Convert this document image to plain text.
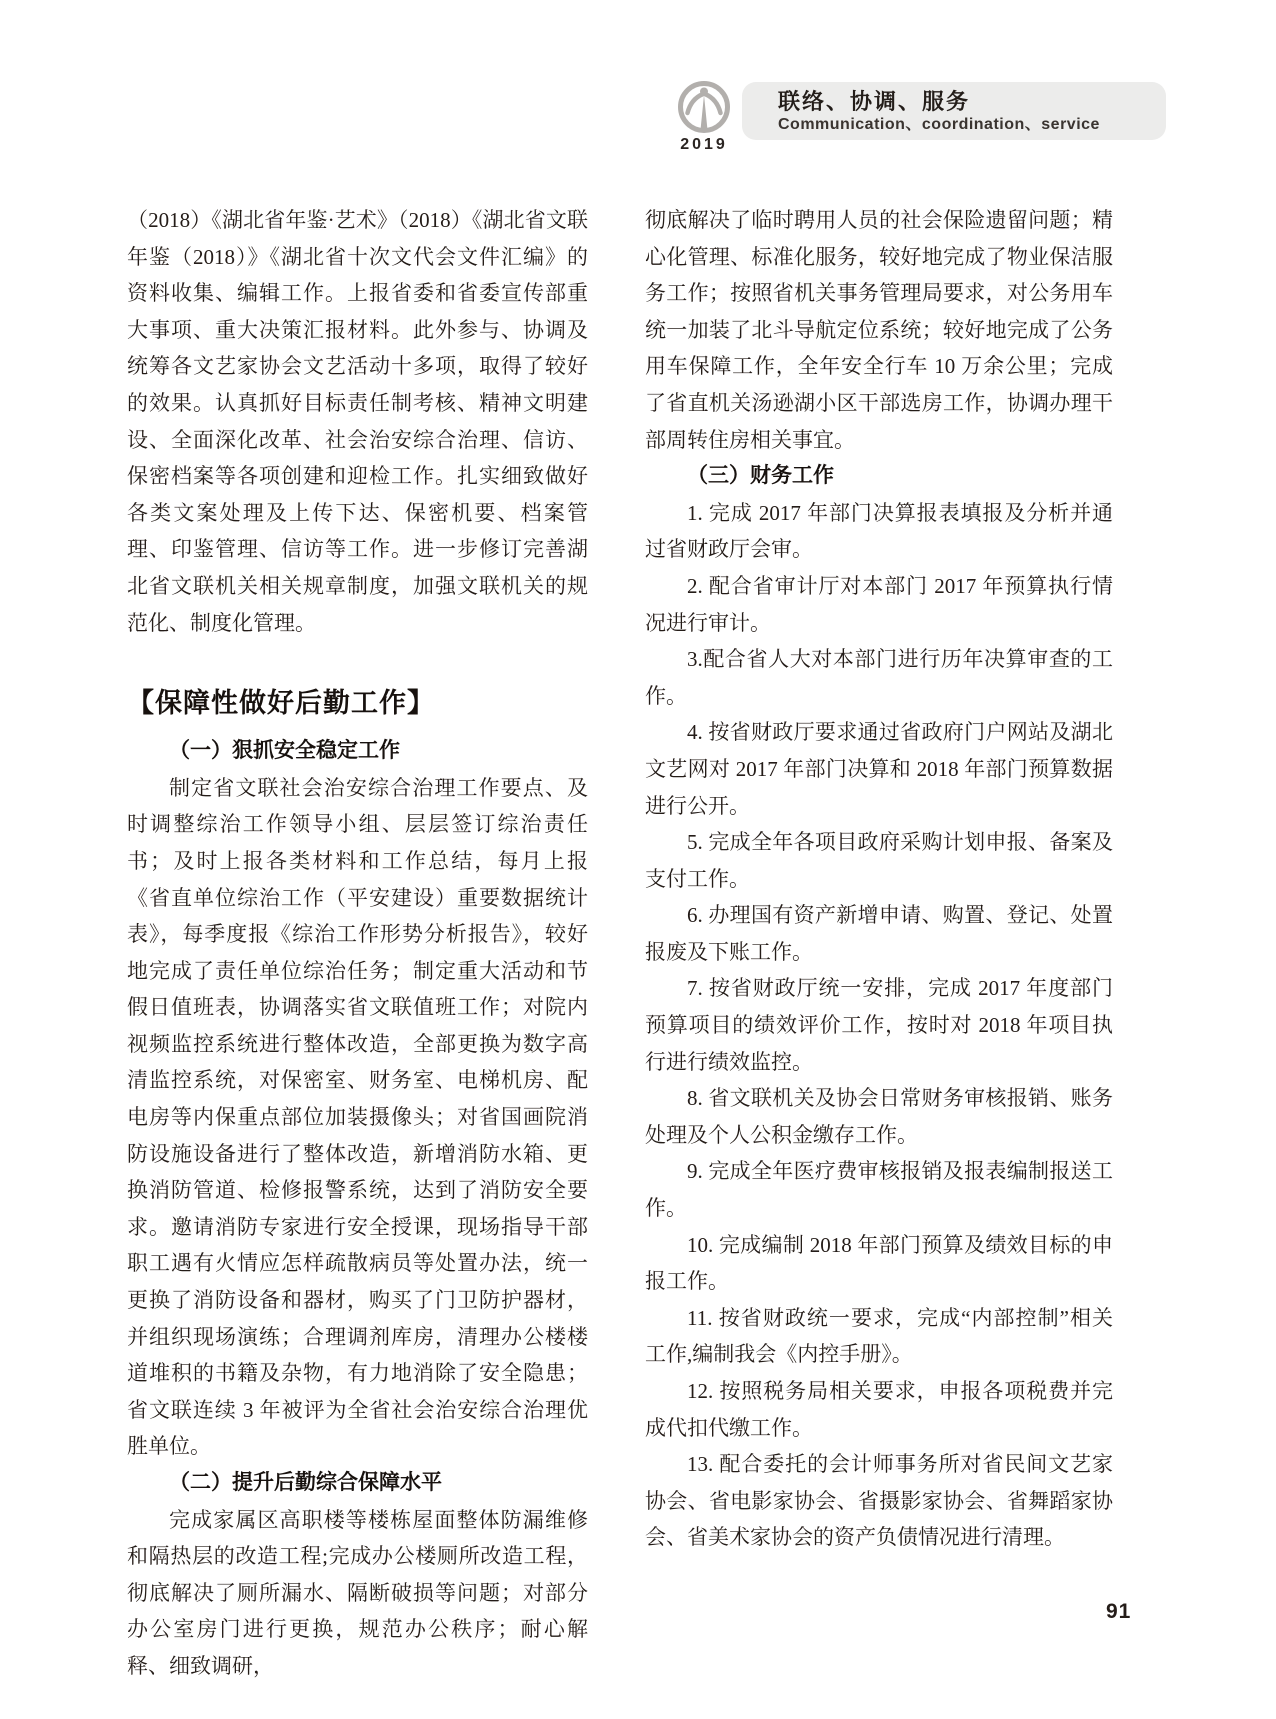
2019
联络、协调、服务
Communication、coordination、service

（2018）《湖北省年鉴·艺术》（2018）《湖北省文联年鉴（2018）》《湖北省十次文代会文件汇编》的资料收集、编辑工作。上报省委和省委宣传部重大事项、重大决策汇报材料。此外参与、协调及统筹各文艺家协会文艺活动十多项，取得了较好的效果。认真抓好目标责任制考核、精神文明建设、全面深化改革、社会治安综合治理、信访、保密档案等各项创建和迎检工作。扎实细致做好各类文案处理及上传下达、保密机要、档案管理、印鉴管理、信访等工作。进一步修订完善湖北省文联机关相关规章制度，加强文联机关的规范化、制度化管理。

【保障性做好后勤工作】
（一）狠抓安全稳定工作

制定省文联社会治安综合治理工作要点、及时调整综治工作领导小组、层层签订综治责任书；及时上报各类材料和工作总结，每月上报《省直单位综治工作（平安建设）重要数据统计表》，每季度报《综治工作形势分析报告》，较好地完成了责任单位综治任务；制定重大活动和节假日值班表，协调落实省文联值班工作；对院内视频监控系统进行整体改造，全部更换为数字高清监控系统，对保密室、财务室、电梯机房、配电房等内保重点部位加装摄像头；对省国画院消防设施设备进行了整体改造，新增消防水箱、更换消防管道、检修报警系统，达到了消防安全要求。邀请消防专家进行安全授课，现场指导干部职工遇有火情应怎样疏散病员等处置办法，统一更换了消防设备和器材，购买了门卫防护器材，并组织现场演练；合理调剂库房，清理办公楼楼道堆积的书籍及杂物，有力地消除了安全隐患；省文联连续 3 年被评为全省社会治安综合治理优胜单位。

（二）提升后勤综合保障水平

完成家属区高职楼等楼栋屋面整体防漏维修和隔热层的改造工程;完成办公楼厕所改造工程，彻底解决了厕所漏水、隔断破损等问题；对部分办公室房门进行更换，规范办公秩序；耐心解释、细致调研，

彻底解决了临时聘用人员的社会保险遗留问题；精心化管理、标准化服务，较好地完成了物业保洁服务工作；按照省机关事务管理局要求，对公务用车统一加装了北斗导航定位系统；较好地完成了公务用车保障工作，全年安全行车 10 万余公里；完成了省直机关汤逊湖小区干部选房工作，协调办理干部周转住房相关事宜。

（三）财务工作

1. 完成 2017 年部门决算报表填报及分析并通过省财政厅会审。

2. 配合省审计厅对本部门 2017 年预算执行情况进行审计。

3.配合省人大对本部门进行历年决算审查的工作。

4. 按省财政厅要求通过省政府门户网站及湖北文艺网对 2017 年部门决算和 2018 年部门预算数据进行公开。

5. 完成全年各项目政府采购计划申报、备案及支付工作。

6. 办理国有资产新增申请、购置、登记、处置报废及下账工作。

7. 按省财政厅统一安排，完成 2017 年度部门预算项目的绩效评价工作，按时对 2018 年项目执行进行绩效监控。

8. 省文联机关及协会日常财务审核报销、账务处理及个人公积金缴存工作。

9. 完成全年医疗费审核报销及报表编制报送工作。

10. 完成编制 2018 年部门预算及绩效目标的申报工作。

11. 按省财政统一要求，完成“内部控制”相关工作,编制我会《内控手册》。

12. 按照税务局相关要求，申报各项税费并完成代扣代缴工作。

13. 配合委托的会计师事务所对省民间文艺家协会、省电影家协会、省摄影家协会、省舞蹈家协会、省美术家协会的资产负债情况进行清理。

91
